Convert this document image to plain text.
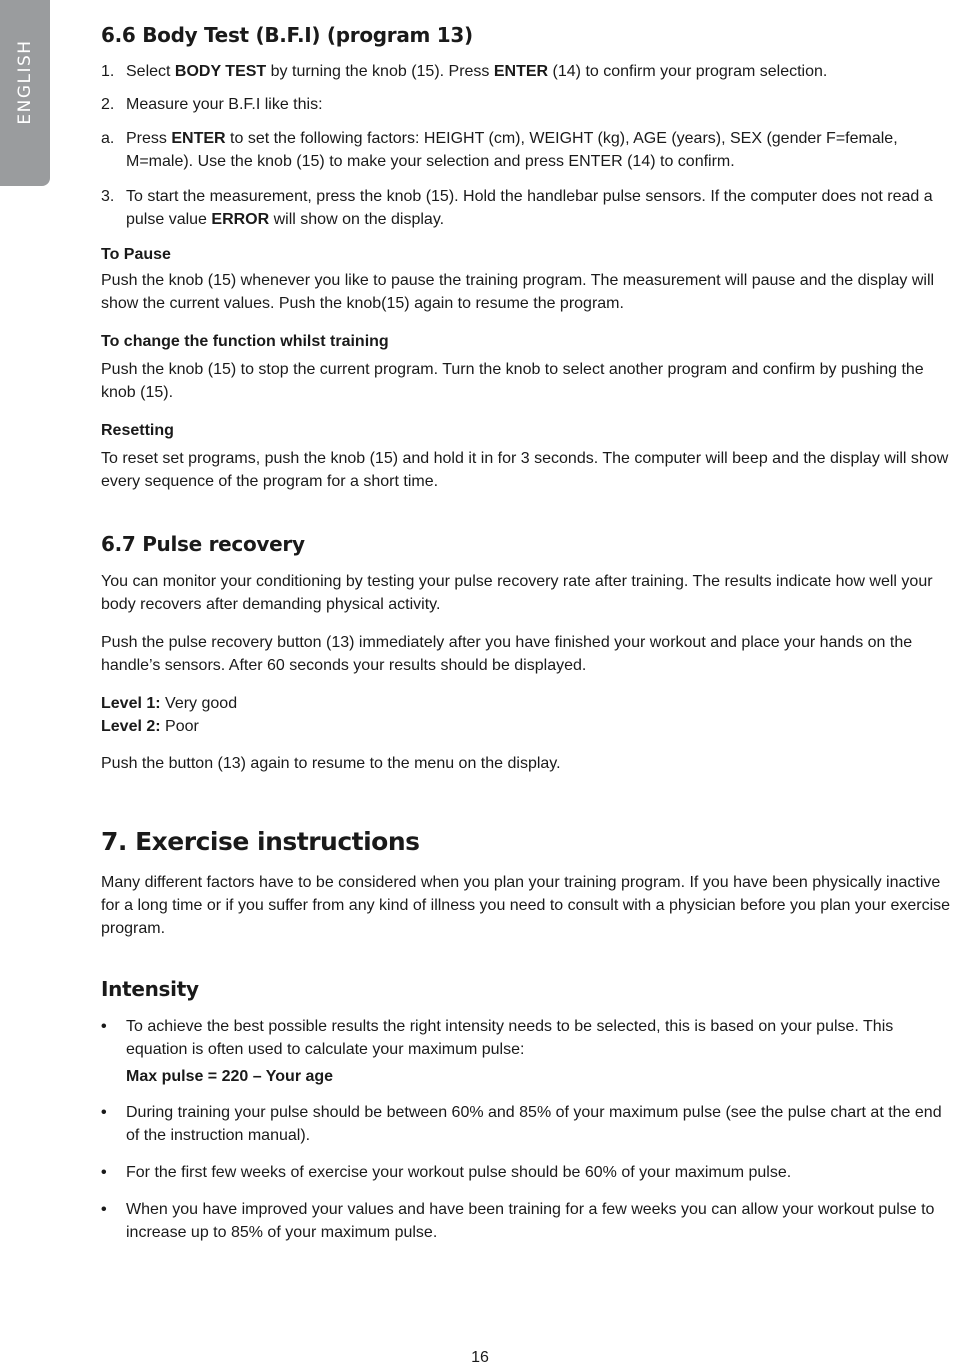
ENGLISH
6.6 Body Test (B.F.I) (program 13)
1. Select BODY TEST by turning the knob (15). Press ENTER (14) to confirm your program selection.
2. Measure your B.F.I like this:
a. Press ENTER to set the following factors: HEIGHT (cm), WEIGHT (kg), AGE (years), SEX (gender F=female, M=male). Use the knob (15) to make your selection and press ENTER (14) to confirm.
3. To start the measurement, press the knob (15). Hold the handlebar pulse sensors. If the computer does not read a pulse value ERROR will show on the display.

To Pause

Push the knob (15) whenever you like to pause the training program. The measurement will pause and the display will show the current values. Push the knob(15) again to resume the program.

To change the function whilst training

Push the knob (15) to stop the current program. Turn the knob to select another program and confirm by pushing the knob (15).

Resetting

To reset set programs, push the knob (15) and hold it in for 3 seconds. The computer will beep and the display will show every sequence of the program for a short time.

6.7 Pulse recovery

You can monitor your conditioning by testing your pulse recovery rate after training. The results indicate how well your body recovers after demanding physical activity.

Push the pulse recovery button (13) immediately after you have finished your workout and place your hands on the handle’s sensors. After 60 seconds your results should be displayed.

Level 1: Very good

Level 2: Poor

Push the button (13) again to resume to the menu on the display.

7. Exercise instructions

Many different factors have to be considered when you plan your training program. If you have been physically inactive for a long time or if you suffer from any kind of illness you need to consult with a physician before you plan your exercise program.

Intensity
•	To achieve the best possible results the right intensity needs to be selected, this is based on your pulse. This equation is often used to calculate your maximum pulse:
Max pulse = 220 – Your age
•	During training your pulse should be between 60% and 85% of your maximum pulse (see the pulse chart at the end of the instruction manual).
•	For the first few weeks of exercise your workout pulse should be 60% of your maximum pulse.
•	When you have improved your values and have been training for a few weeks you can allow your workout pulse to increase up to 85% of your maximum pulse.
16
